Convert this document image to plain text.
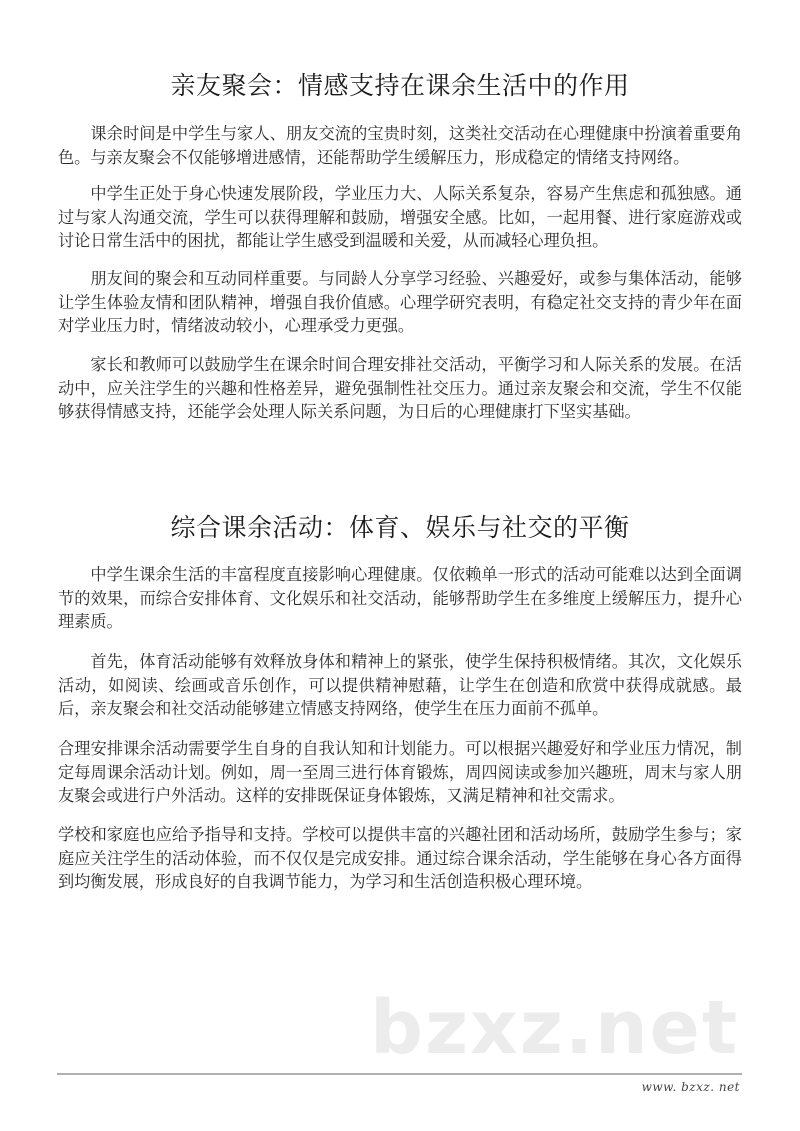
bzxz.net
亲友聚会：情感支持在课余生活中的作用

课余时间是中学生与家人、朋友交流的宝贵时刻，这类社交活动在心理健康中扮演着重要角色。与亲友聚会不仅能够增进感情，还能帮助学生缓解压力，形成稳定的情绪支持网络。

中学生正处于身心快速发展阶段，学业压力大、人际关系复杂，容易产生焦虑和孤独感。通过与家人沟通交流，学生可以获得理解和鼓励，增强安全感。比如，一起用餐、进行家庭游戏或讨论日常生活中的困扰，都能让学生感受到温暖和关爱，从而减轻心理负担。

朋友间的聚会和互动同样重要。与同龄人分享学习经验、兴趣爱好，或参与集体活动，能够让学生体验友情和团队精神，增强自我价值感。心理学研究表明，有稳定社交支持的青少年在面对学业压力时，情绪波动较小，心理承受力更强。

家长和教师可以鼓励学生在课余时间合理安排社交活动，平衡学习和人际关系的发展。在活动中，应关注学生的兴趣和性格差异，避免强制性社交压力。通过亲友聚会和交流，学生不仅能够获得情感支持，还能学会处理人际关系问题，为日后的心理健康打下坚实基础。

综合课余活动：体育、娱乐与社交的平衡

中学生课余生活的丰富程度直接影响心理健康。仅依赖单一形式的活动可能难以达到全面调节的效果，而综合安排体育、文化娱乐和社交活动，能够帮助学生在多维度上缓解压力，提升心理素质。

首先，体育活动能够有效释放身体和精神上的紧张，使学生保持积极情绪。其次，文化娱乐活动，如阅读、绘画或音乐创作，可以提供精神慰藉，让学生在创造和欣赏中获得成就感。最后，亲友聚会和社交活动能够建立情感支持网络，使学生在压力面前不孤单。

合理安排课余活动需要学生自身的自我认知和计划能力。可以根据兴趣爱好和学业压力情况，制定每周课余活动计划。例如，周一至周三进行体育锻炼，周四阅读或参加兴趣班，周末与家人朋友聚会或进行户外活动。这样的安排既保证身体锻炼，又满足精神和社交需求。

学校和家庭也应给予指导和支持。学校可以提供丰富的兴趣社团和活动场所，鼓励学生参与；家庭应关注学生的活动体验，而不仅仅是完成安排。通过综合课余活动，学生能够在身心各方面得到均衡发展，形成良好的自我调节能力，为学习和生活创造积极心理环境。

www. bzxz. net
